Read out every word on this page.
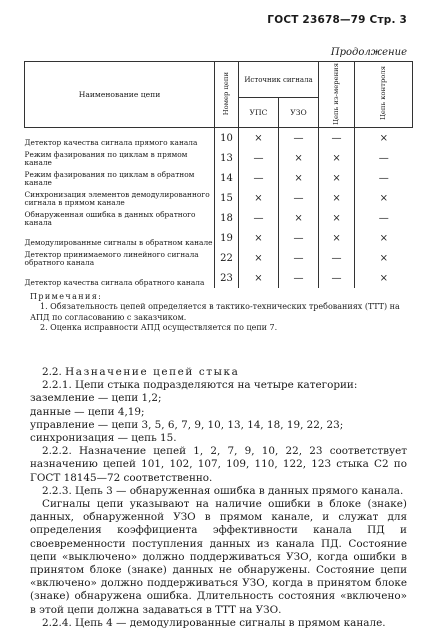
ГОСТ 23678—79 Стр. 3
Продолжение
Наименование цепи	Номер цепи	Источник сигнала		Цепь из-мерения	Цепь контроля
		УПС	УЗО		
Детектор качества сигнала прямого канала	10	×	—	—	×
Режим фазирования по циклам в прямом канале	13	—	×	×	—
Режим фазирования по циклам в обратном канале	14	—	×	×	—
Синхронизация элементов демодулированного сигнала в прямом канале	15	×	—	×	×
Обнаруженная ошибка в данных обратного канала	18	—	×	×	—
Демодулированные сигналы в обратном канале	19	×	—	×	×
Детектор принимаемого линейного сигнала обратного канала	22	×	—	—	×
Детектор качества сигнала обратного канала	23	×	—	—	×

Примечания:

1. Обязательность цепей определяется в тактико-технических требованиях (ТТТ) на АПД по согласованию с заказчиком.

2. Оценка исправности АПД осуществляется по цепи 7.

2.2. Назначение цепей стыка

2.2.1. Цепи стыка подразделяются на четыре категории:

заземление — цепи 1,2;

данные — цепи 4,19;

управление — цепи 3, 5, 6, 7, 9, 10, 13, 14, 18, 19, 22, 23;

синхронизация — цепь 15.

2.2.2. Назначение цепей 1, 2, 7, 9, 10, 22, 23 соответствует назначению цепей 101, 102, 107, 109, 110, 122, 123 стыка С2 по ГОСТ 18145—72 соответственно.

2.2.3. Цепь 3 — обнаруженная ошибка в данных прямого канала.

Сигналы цепи указывают на наличие ошибки в блоке (знаке) данных, обнаруженной УЗО в прямом канале, и служат для определения коэффициента эффективности канала ПД и своевременности поступления данных из канала ПД. Состояние цепи «выключено» должно поддерживаться УЗО, когда ошибки в принятом блоке (знаке) данных не обнаружены. Состояние цепи «включено» должно поддерживаться УЗО, когда в принятом блоке (знаке) обнаружена ошибка. Длительность состояния «включено» в этой цепи должна задаваться в ТТТ на УЗО.

2.2.4. Цепь 4 — демодулированные сигналы в прямом канале.
